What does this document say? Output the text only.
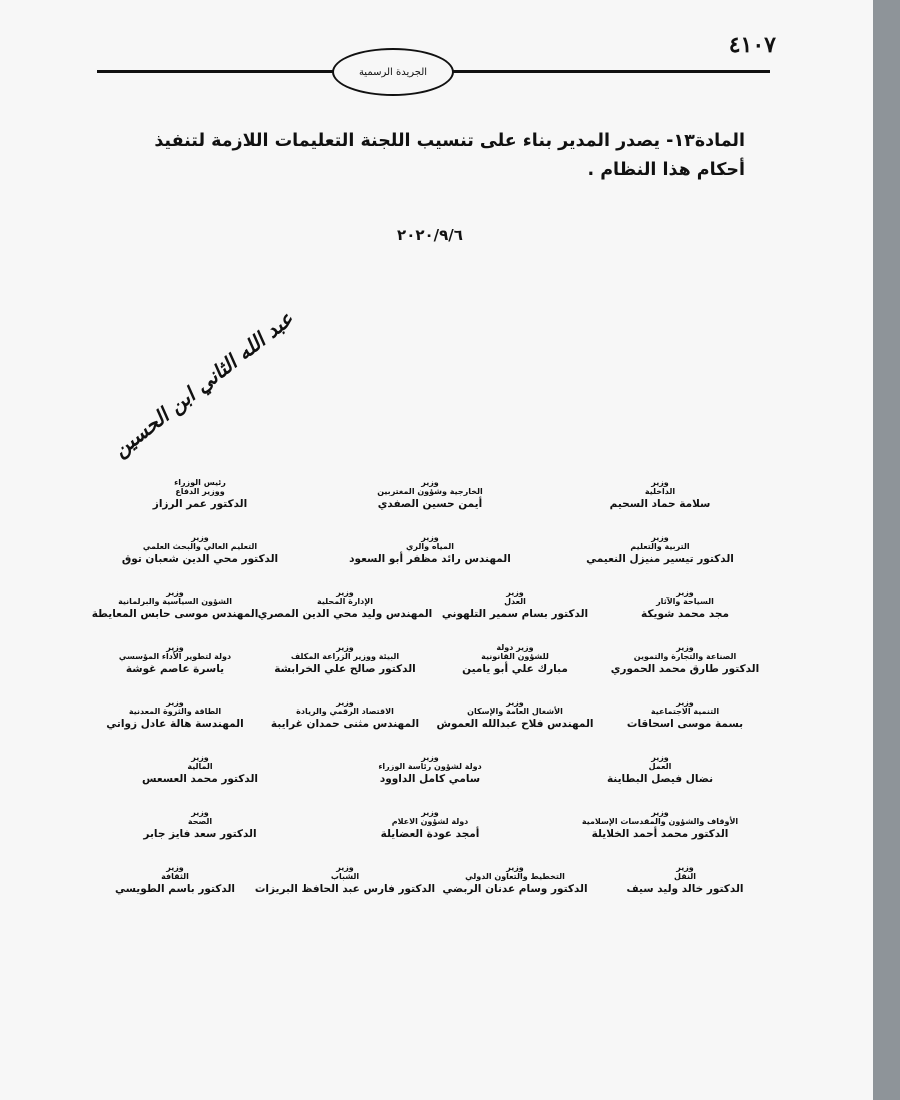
٤١٠٧
الجريدة الرسمية
المادة١٣- يصدر المدير بناء على تنسيب اللجنة التعليمات اللازمة لتنفيذ أحكام هذا النظام .
٢٠٢٠/٩/٦
عبد الله الثاني ابن الحسين
وزير
الداخلية
سلامة حماد السحيم
وزير
الخارجية وشؤون المغتربين
أيمن حسين الصفدي
رئيس الوزراء
ووزير الدفاع
الدكتور عمر الرزاز
وزير
التربية والتعليم
الدكتور تيسير منيزل النعيمي
وزير
المياه والري
المهندس رائد مظفر أبو السعود
وزير
التعليم العالي والبحث العلمي
الدكتور محي الدين شعبان توق
وزير
السياحة والآثار
مجد محمد شويكة
وزير
العدل
الدكتور بسام سمير التلهوني
وزير
الإدارة المحلية
المهندس وليد محي الدين المصري
وزير
الشؤون السياسية والبرلمانية
المهندس موسى حابس المعايطة
وزير
الصناعة والتجارة والتموين
الدكتور طارق محمد الحموري
وزير دولة
للشؤون القانونية
مبارك علي أبو يامين
وزير
البيئة ووزير الزراعة المكلف
الدكتور صالح علي الخرابشة
وزير
دولة لتطوير الأداء المؤسسي
ياسرة عاصم غوشة
وزير
التنمية الاجتماعية
بسمة موسى اسحاقات
وزير
الأشغال العامة والإسكان
المهندس فلاح عبدالله العموش
وزير
الاقتصاد الرقمي والريادة
المهندس مثنى حمدان غرايبة
وزير
الطاقة والثروة المعدنية
المهندسة هالة عادل زواتي
وزير
العمل
نضال فيصل البطاينة
وزير
دولة لشؤون رئاسة الوزراء
سامي كامل الداوود
وزير
المالية
الدكتور محمد العسعس
وزير
الأوقاف والشؤون والمقدسات الإسلامية
الدكتور محمد أحمد الخلايلة
وزير
دولة لشؤون الاعلام
أمجد عودة العضايلة
وزير
الصحة
الدكتور سعد فايز جابر
وزير
النقل
الدكتور خالد وليد سيف
وزير
التخطيط والتعاون الدولي
الدكتور وسام عدنان الربضي
وزير
الشباب
الدكتور فارس عبد الحافظ البريزات
وزير
الثقافة
الدكتور باسم الطويسي
